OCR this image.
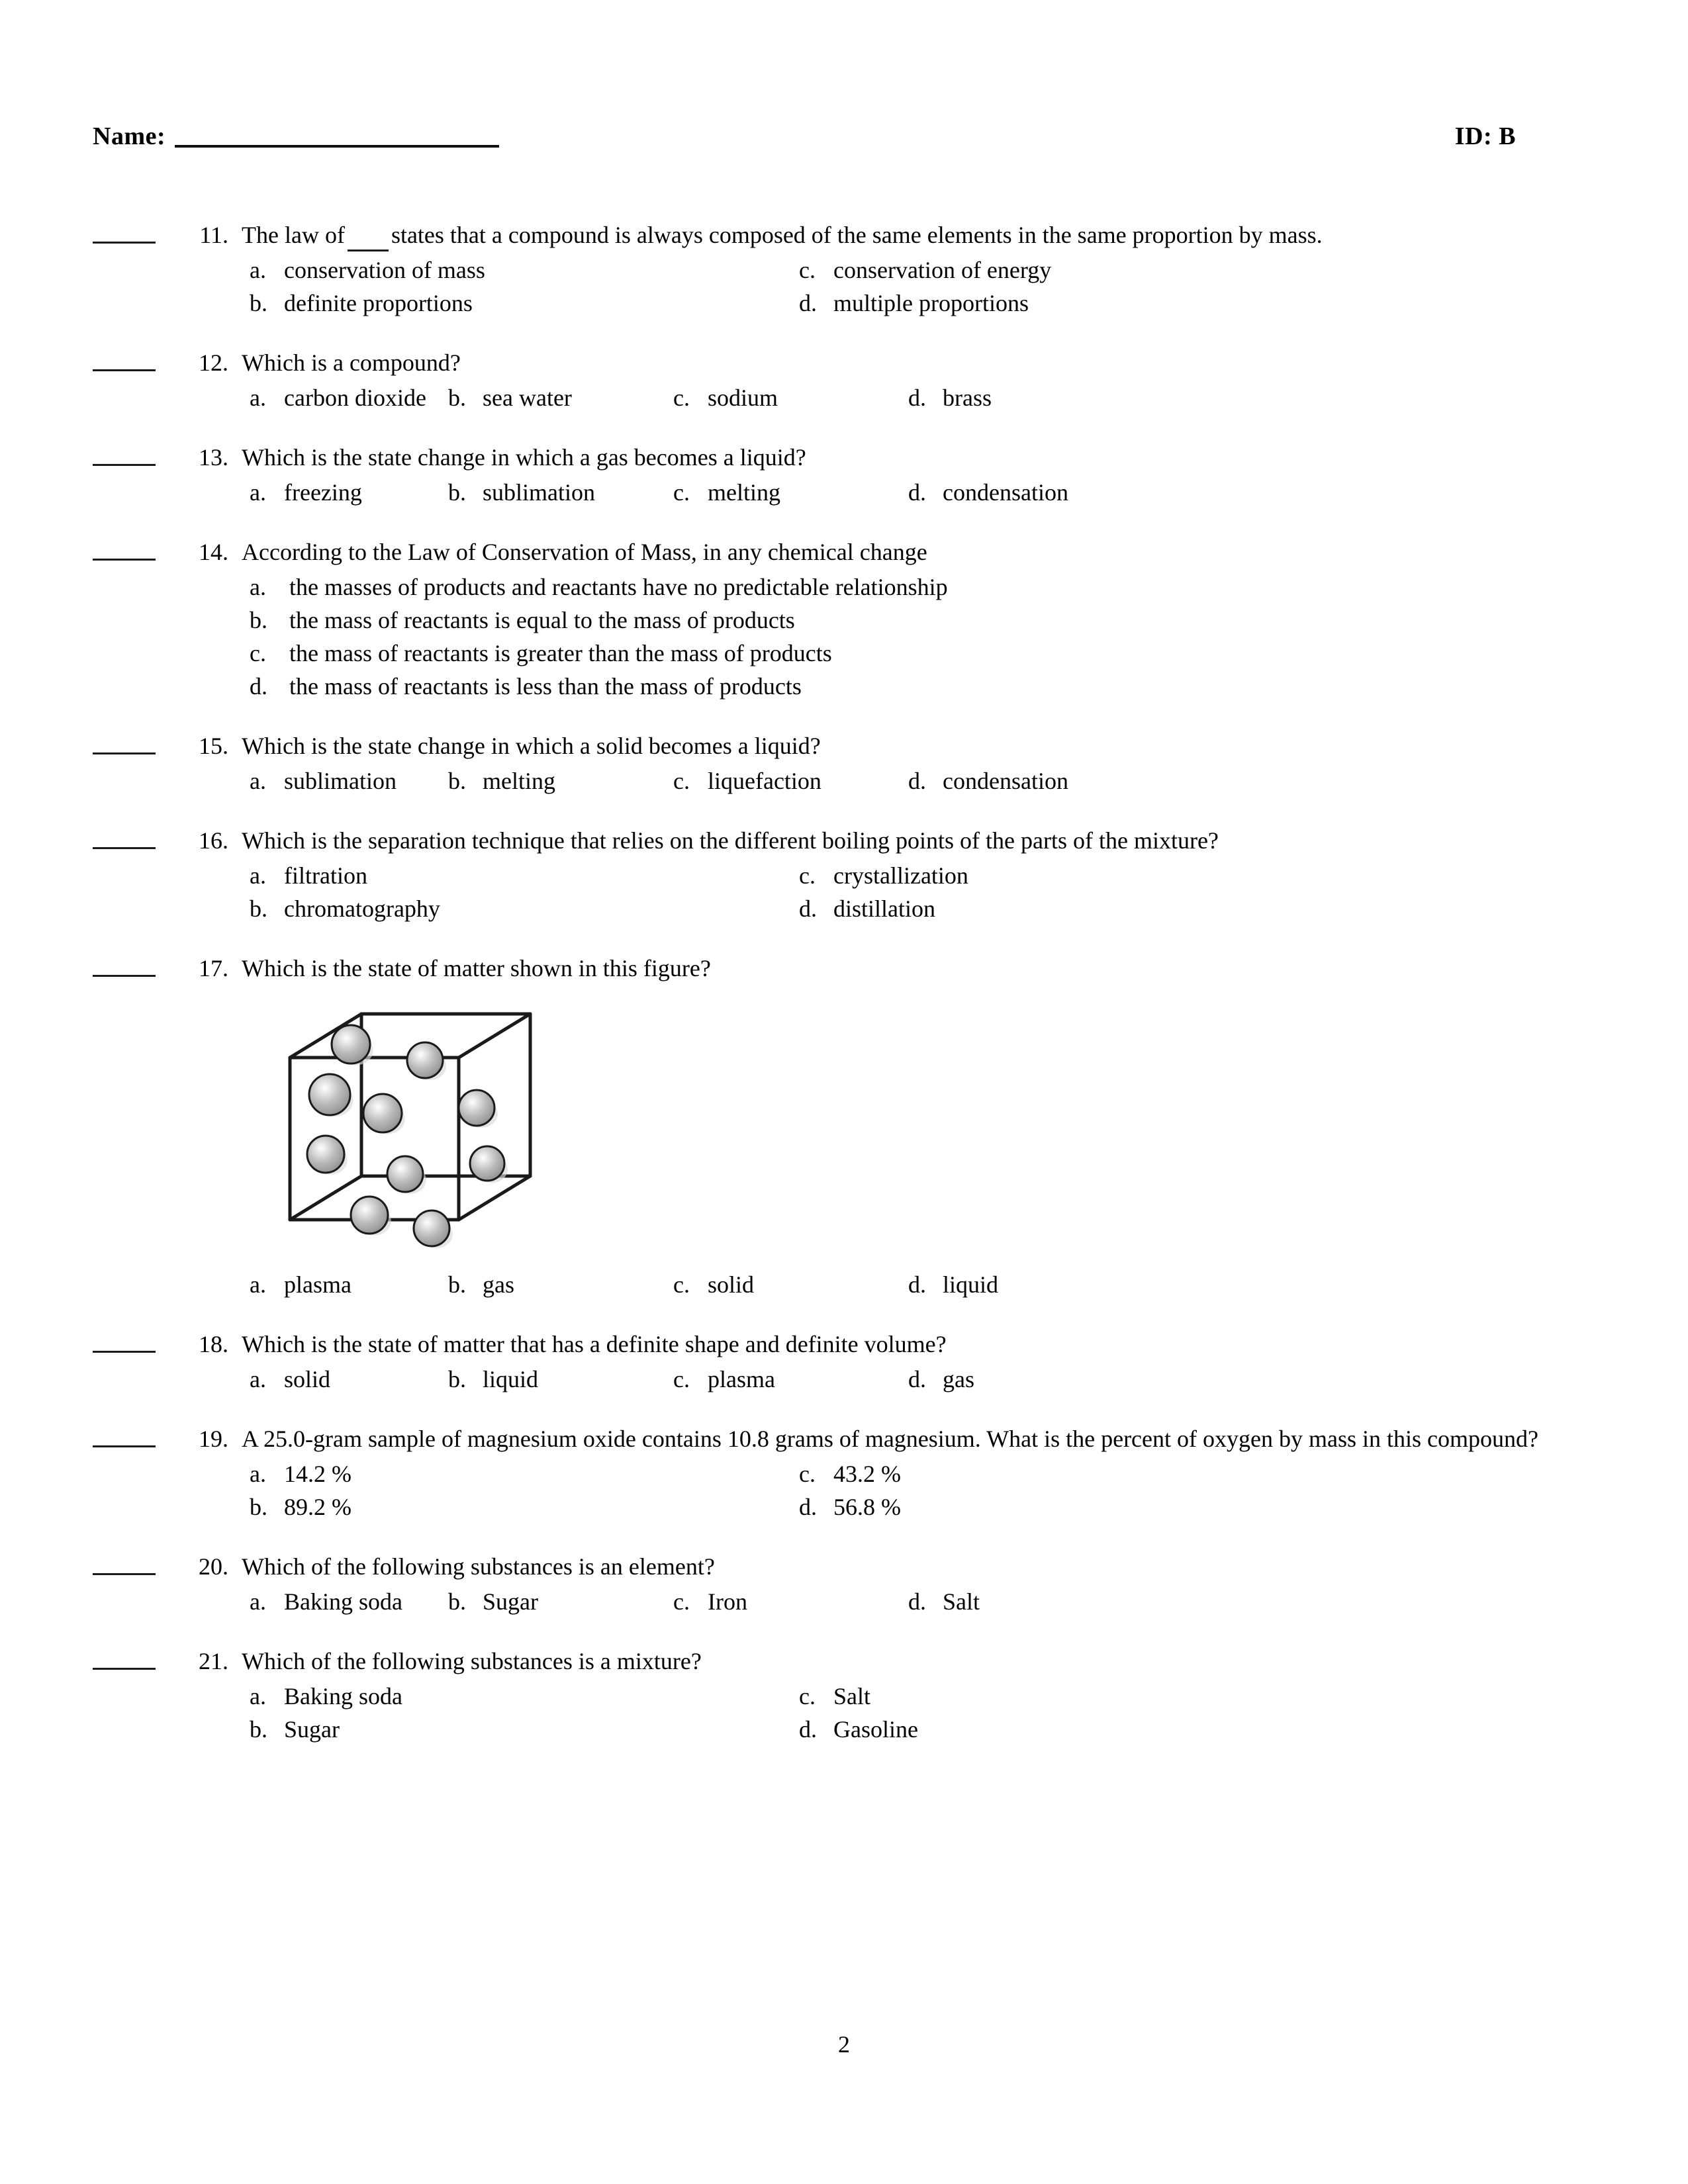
Name:	ID: B
11. The law of states that a compound is always composed of the same elements in the same proportion by mass.
a. conservation of mass	c. conservation of energy
b. definite proportions	d. multiple proportions
12. Which is a compound?
a. carbon dioxide b. sea water	c. sodium	d. brass
13. Which is the state change in which a gas becomes a liquid?
a. freezing	b. sublimation	c. melting	d. condensation
14. According to the Law of Conservation of Mass, in any chemical change
a. the masses of products and reactants have no predictable relationship
b. the mass of reactants is equal to the mass of products
c. the mass of reactants is greater than the mass of products
d. the mass of reactants is less than the mass of products
15. Which is the state change in which a solid becomes a liquid?
a. sublimation b. melting	c. liquefaction	d. condensation
16. Which is the separation technique that relies on the different boiling points of the parts of the mixture?
a. filtration	c. crystallization
b. chromatography	d. distillation
17. Which is the state of matter shown in this figure?
a. plasma	b. gas	c. solid	d. liquid
18. Which is the state of matter that has a definite shape and definite volume?
a. solid	b. liquid	c. plasma	d. gas
19. A 25.0-gram sample of magnesium oxide contains 10.8 grams of magnesium. What is the percent of oxygen by mass in this compound?
a. 14.2 %	c. 43.2 %
b. 89.2 %	d. 56.8 %
20. Which of the following substances is an element?
a. Baking soda b. Sugar	c. Iron	d. Salt
21. Which of the following substances is a mixture?
a. Baking soda	c. Salt
b. Sugar	d. Gasoline
2
